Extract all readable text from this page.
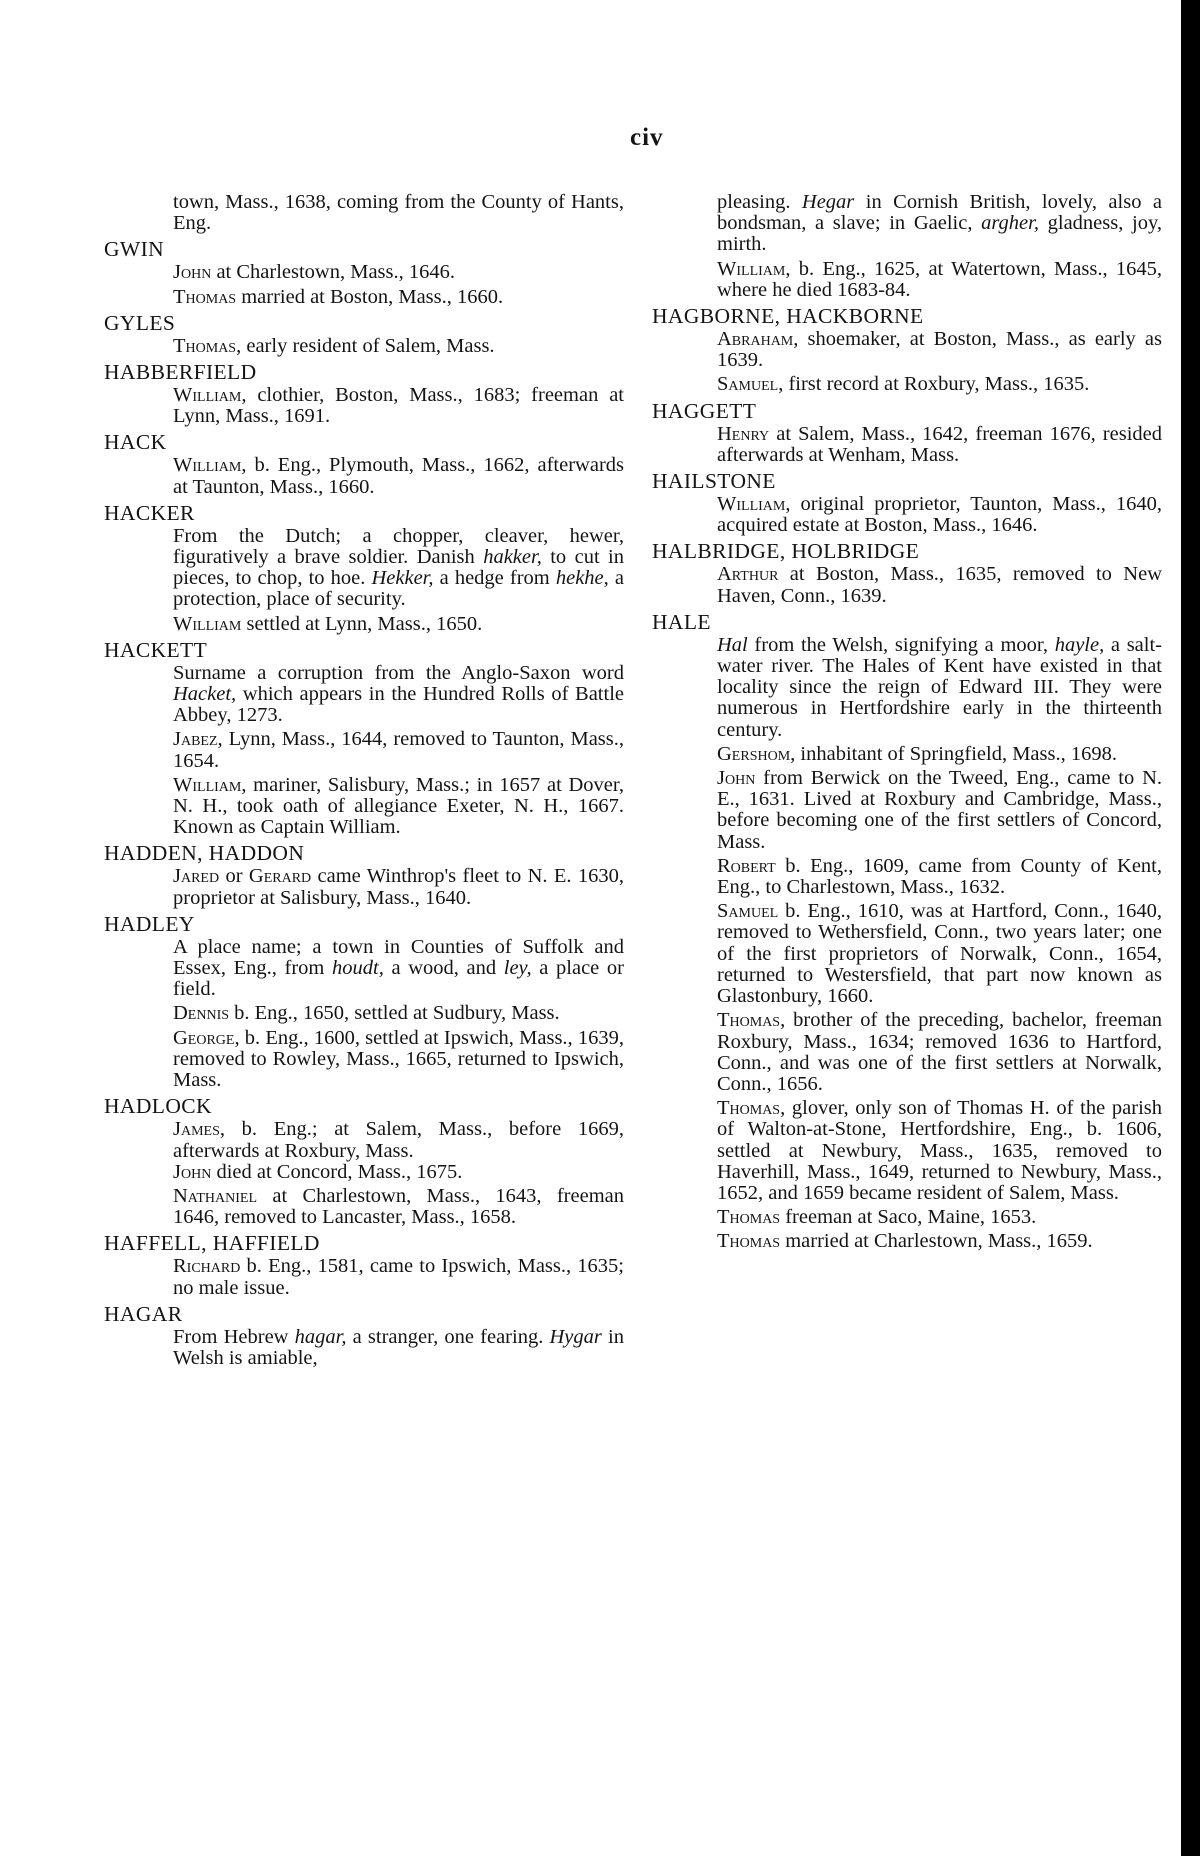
civ

town, Mass., 1638, coming from the County of Hants, Eng.

GWIN

John at Charlestown, Mass., 1646.

Thomas married at Boston, Mass., 1660.

GYLES

Thomas, early resident of Salem, Mass.

HABBERFIELD

William, clothier, Boston, Mass., 1683; freeman at Lynn, Mass., 1691.

HACK

William, b. Eng., Plymouth, Mass., 1662, afterwards at Taunton, Mass., 1660.

HACKER

From the Dutch; a chopper, cleaver, hewer, figuratively a brave soldier. Danish hakker, to cut in pieces, to chop, to hoe. Hekker, a hedge from hekhe, a protection, place of security.

William settled at Lynn, Mass., 1650.

HACKETT

Surname a corruption from the Anglo-Saxon word Hacket, which appears in the Hundred Rolls of Battle Abbey, 1273.

Jabez, Lynn, Mass., 1644, removed to Taunton, Mass., 1654.

William, mariner, Salisbury, Mass.; in 1657 at Dover, N. H., took oath of allegiance Exeter, N. H., 1667. Known as Captain William.

HADDEN, HADDON

Jared or Gerard came Winthrop's fleet to N. E. 1630, proprietor at Salisbury, Mass., 1640.

HADLEY

A place name; a town in Counties of Suffolk and Essex, Eng., from houdt, a wood, and ley, a place or field.

Dennis b. Eng., 1650, settled at Sudbury, Mass.

George, b. Eng., 1600, settled at Ipswich, Mass., 1639, removed to Rowley, Mass., 1665, returned to Ipswich, Mass.

HADLOCK

James, b. Eng.; at Salem, Mass., before 1669, afterwards at Roxbury, Mass.

John died at Concord, Mass., 1675.

Nathaniel at Charlestown, Mass., 1643, freeman 1646, removed to Lancaster, Mass., 1658.

HAFFELL, HAFFIELD

Richard b. Eng., 1581, came to Ipswich, Mass., 1635; no male issue.

HAGAR

From Hebrew hagar, a stranger, one fearing. Hygar in Welsh is amiable,

pleasing. Hegar in Cornish British, lovely, also a bondsman, a slave; in Gaelic, argher, gladness, joy, mirth.

William, b. Eng., 1625, at Watertown, Mass., 1645, where he died 1683-84.

HAGBORNE, HACKBORNE

Abraham, shoemaker, at Boston, Mass., as early as 1639.

Samuel, first record at Roxbury, Mass., 1635.

HAGGETT

Henry at Salem, Mass., 1642, freeman 1676, resided afterwards at Wenham, Mass.

HAILSTONE

William, original proprietor, Taunton, Mass., 1640, acquired estate at Boston, Mass., 1646.

HALBRIDGE, HOLBRIDGE

Arthur at Boston, Mass., 1635, removed to New Haven, Conn., 1639.

HALE

Hal from the Welsh, signifying a moor, hayle, a salt-water river. The Hales of Kent have existed in that locality since the reign of Edward III. They were numerous in Hertfordshire early in the thirteenth century.

Gershom, inhabitant of Springfield, Mass., 1698.

John from Berwick on the Tweed, Eng., came to N. E., 1631. Lived at Roxbury and Cambridge, Mass., before becoming one of the first settlers of Concord, Mass.

Robert b. Eng., 1609, came from County of Kent, Eng., to Charlestown, Mass., 1632.

Samuel b. Eng., 1610, was at Hartford, Conn., 1640, removed to Wethersfield, Conn., two years later; one of the first proprietors of Norwalk, Conn., 1654, returned to Westersfield, that part now known as Glastonbury, 1660.

Thomas, brother of the preceding, bachelor, freeman Roxbury, Mass., 1634; removed 1636 to Hartford, Conn., and was one of the first settlers at Norwalk, Conn., 1656.

Thomas, glover, only son of Thomas H. of the parish of Walton-at-Stone, Hertfordshire, Eng., b. 1606, settled at Newbury, Mass., 1635, removed to Haverhill, Mass., 1649, returned to Newbury, Mass., 1652, and 1659 became resident of Salem, Mass.

Thomas freeman at Saco, Maine, 1653.

Thomas married at Charlestown, Mass., 1659.
